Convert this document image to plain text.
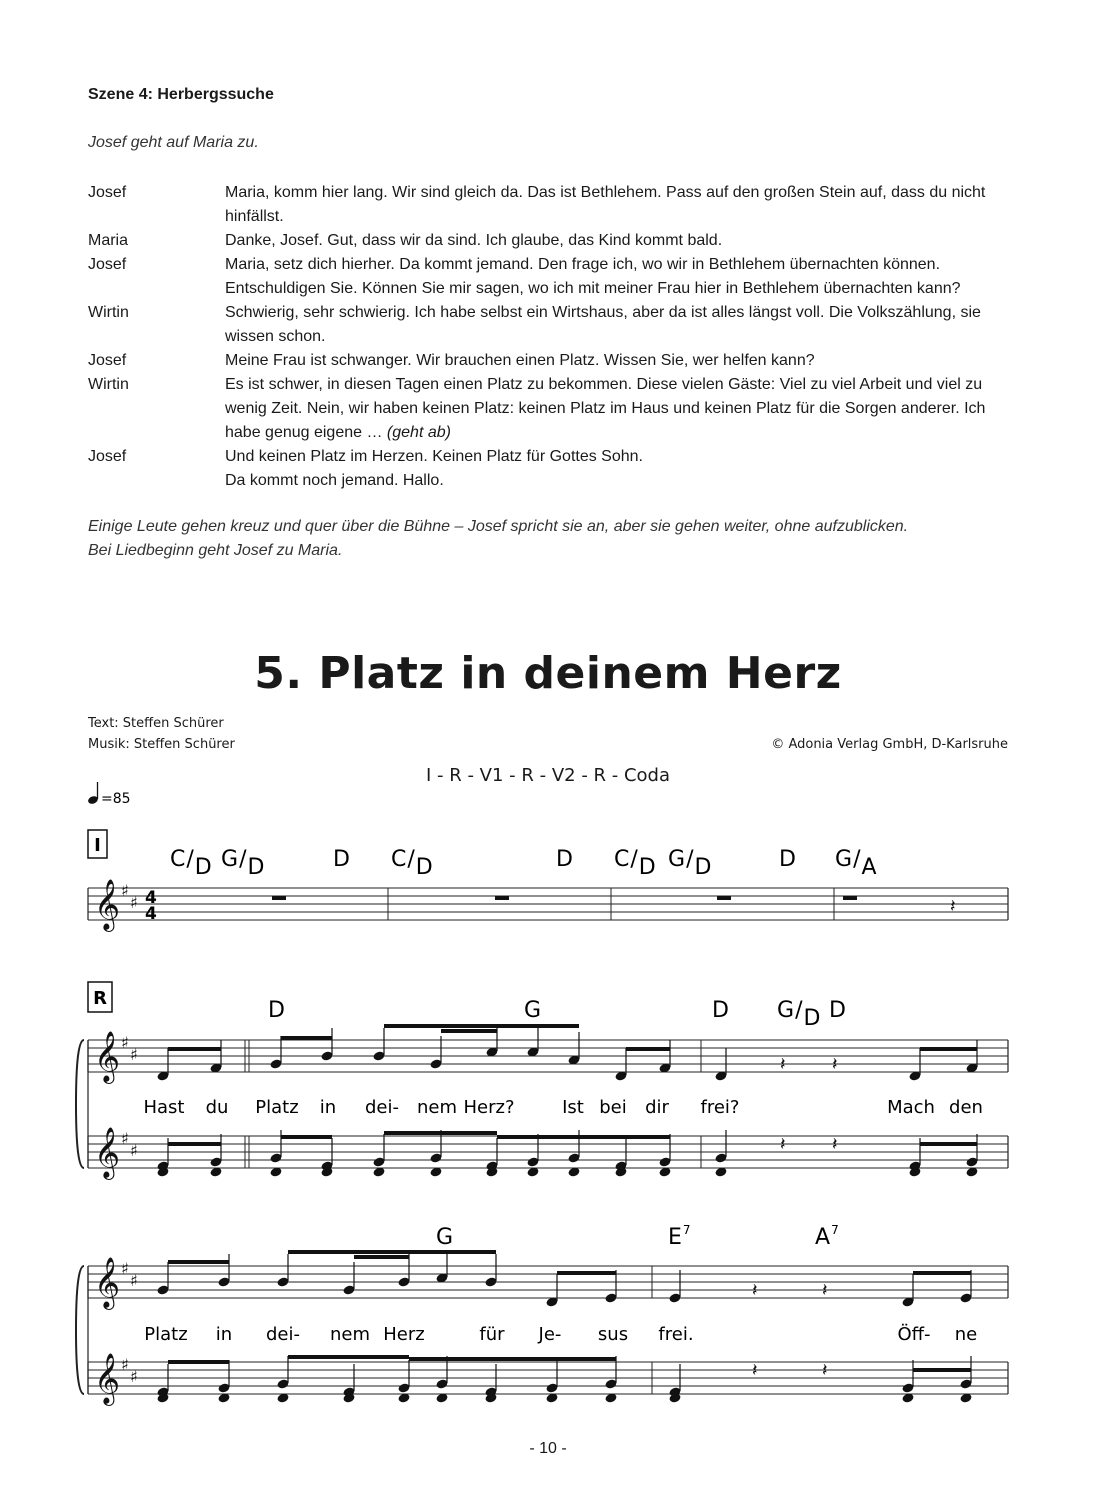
Szene 4: Herbergssuche
Josef geht auf Maria zu.
Josef	Maria, komm hier lang. Wir sind gleich da. Das ist Bethlehem. Pass auf den großen Stein auf, dass du nicht hinfällst.
Maria	Danke, Josef. Gut, dass wir da sind. Ich glaube, das Kind kommt bald.
Josef	Maria, setz dich hierher. Da kommt jemand. Den frage ich, wo wir in Bethlehem übernachten können. Entschuldigen Sie. Können Sie mir sagen, wo ich mit meiner Frau hier in Bethlehem übernachten kann?
Wirtin	Schwierig, sehr schwierig. Ich habe selbst ein Wirtshaus, aber da ist alles längst voll. Die Volkszählung, sie wissen schon.
Josef	Meine Frau ist schwanger. Wir brauchen einen Platz. Wissen Sie, wer helfen kann?
Wirtin	Es ist schwer, in diesen Tagen einen Platz zu bekommen. Diese vielen Gäste: Viel zu viel Arbeit und viel zu wenig Zeit. Nein, wir haben keinen Platz: keinen Platz im Haus und keinen Platz für die Sorgen anderer. Ich habe genug eigene … (geht ab)
Josef	Und keinen Platz im Herzen. Keinen Platz für Gottes Sohn.
Da kommt noch jemand. Hallo.
Einige Leute gehen kreuz und quer über die Bühne – Josef spricht sie an, aber sie gehen weiter, ohne aufzublicken.
Bei Liedbeginn geht Josef zu Maria.
5. Platz in deinem Herz
Text: Steffen Schürer
Musik: Steffen Schürer	© Adonia Verlag GmbH, D-Karlsruhe
I - R - V1 - R - V2 - R - Coda
=85
I
R
𝄞 ♯
♯ 4
4
𝄞 ♯
♯
𝄞 ♯
♯
𝄞 ♯
♯
𝄞 ♯
♯
𝄽
𝄽	𝄽
𝄽	𝄽
𝄽	𝄽
𝄽	𝄽
C/D G/D	D C/D	D C/D G/D	D G/A
D	G	D G/D D
G	$E^7$	$A^7$
Hast du Platz in dei- nem Herz?	Ist bei dir frei?	Mach den
Platz in dei- nem Herz	für Je- sus frei.	Öff- ne
- 10 -
